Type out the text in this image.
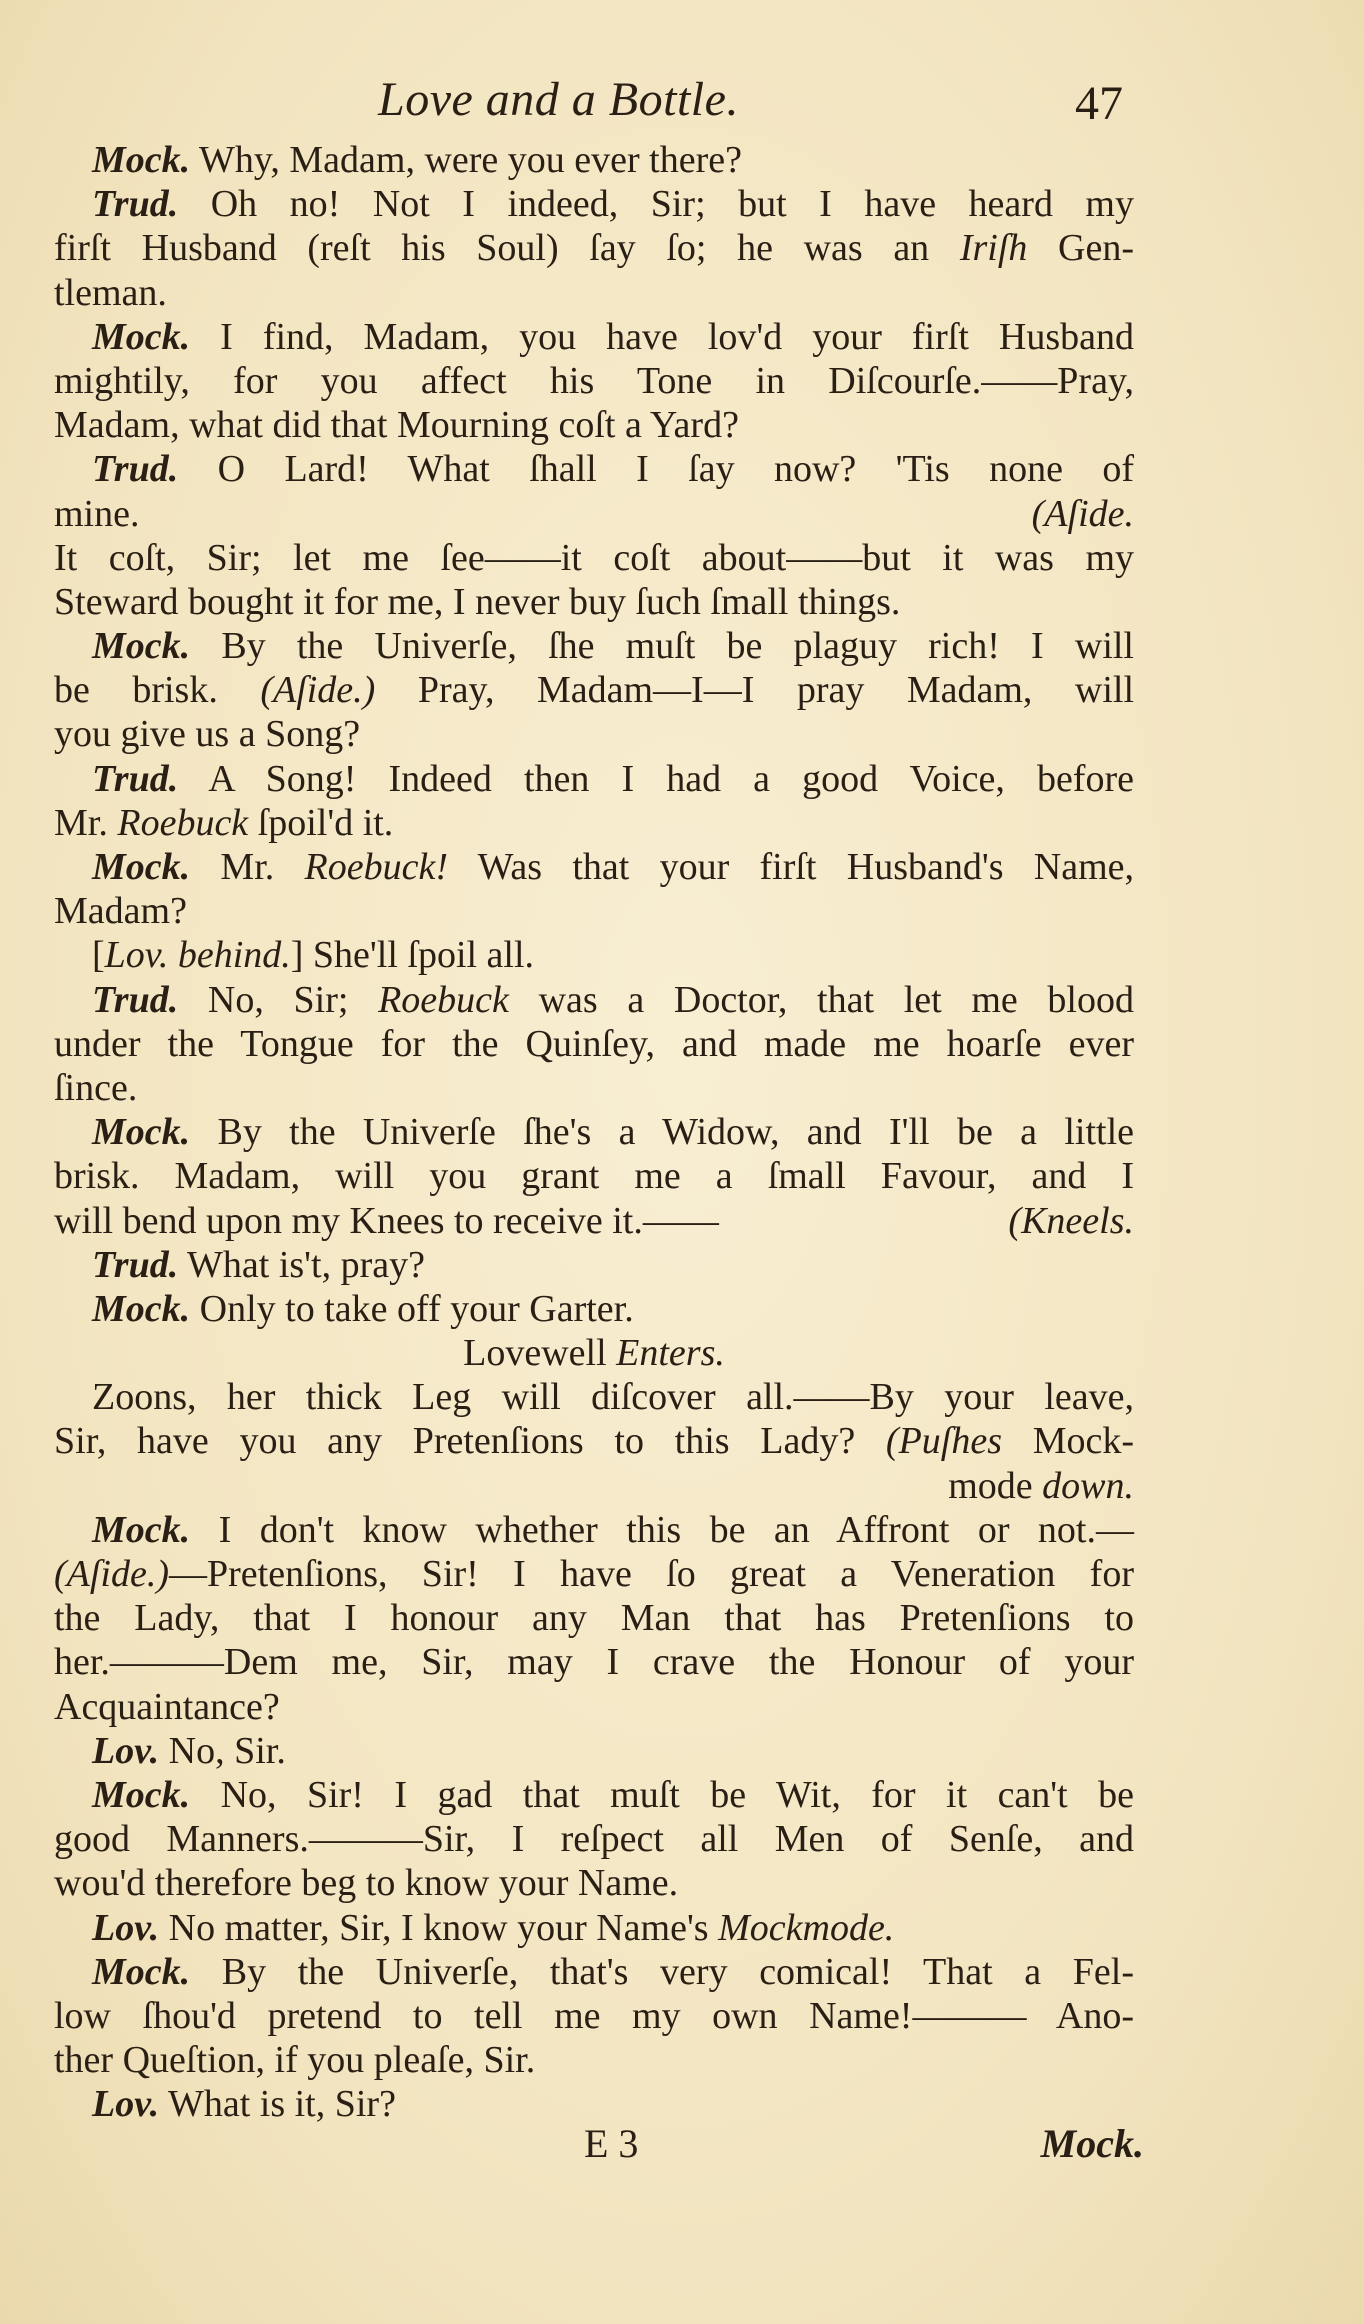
Love and a Bottle.	47
Mock. Why, Madam, were you ever there?
Trud. Oh no! Not I indeed, Sir; but I have heard my
firſt Husband (reſt his Soul) ſay ſo; he was an Iriſh Gen-
tleman.
Mock. I find, Madam, you have lov'd your firſt Husband
mightily, for you affect his Tone in Diſcourſe.——Pray,
Madam, what did that Mourning coſt a Yard?
Trud. O Lard! What ſhall I ſay now? 'Tis none of
mine.	(Aſide.
It coſt, Sir; let me ſee——it coſt about——but it was my
Steward bought it for me, I never buy ſuch ſmall things.
Mock. By the Univerſe, ſhe muſt be plaguy rich! I will
be brisk. (Aſide.) Pray, Madam—I—I pray Madam, will
you give us a Song?
Trud. A Song! Indeed then I had a good Voice, before
Mr. Roebuck ſpoil'd it.
Mock. Mr. Roebuck! Was that your firſt Husband's Name,
Madam?
[Lov. behind.] She'll ſpoil all.
Trud. No, Sir; Roebuck was a Doctor, that let me blood
under the Tongue for the Quinſey, and made me hoarſe ever
ſince.
Mock. By the Univerſe ſhe's a Widow, and I'll be a little
brisk. Madam, will you grant me a ſmall Favour, and I
will bend upon my Knees to receive it.——	(Kneels.
Trud. What is't, pray?
Mock. Only to take off your Garter.
Lovewell Enters.
Zoons, her thick Leg will diſcover all.——By your leave,
Sir, have you any Pretenſions to this Lady? (Puſhes Mock-
mode down.
Mock. I don't know whether this be an Affront or not.—
(Aſide.)—Pretenſions, Sir! I have ſo great a Veneration for
the Lady, that I honour any Man that has Pretenſions to
her.———Dem me, Sir, may I crave the Honour of your
Acquaintance?
Lov. No, Sir.
Mock. No, Sir! I gad that muſt be Wit, for it can't be
good Manners.———Sir, I reſpect all Men of Senſe, and
wou'd therefore beg to know your Name.
Lov. No matter, Sir, I know your Name's Mockmode.
Mock. By the Univerſe, that's very comical! That a Fel-
low ſhou'd pretend to tell me my own Name!——— Ano-
ther Queſtion, if you pleaſe, Sir.
Lov. What is it, Sir?
E 3	Mock.
